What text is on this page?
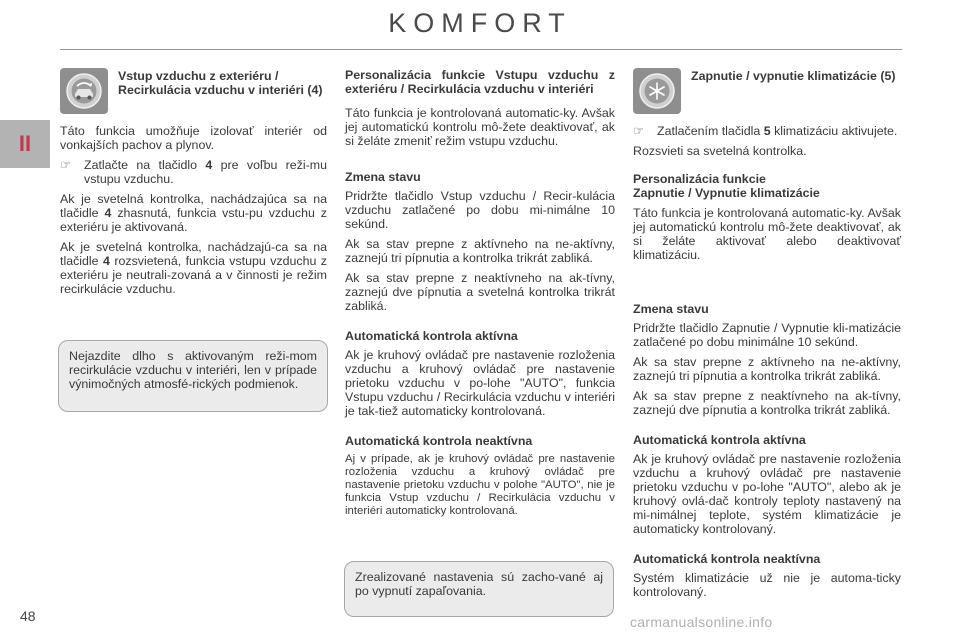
KOMFORT
II
Vstup vzduchu z exteriéru / Recirkulácia vzduchu v interiéri (4)

Táto funkcia umožňuje izolovať interiér od vonkajších pachov a plynov.

☞ Zatlačte na tlačidlo 4 pre voľbu reži-mu vstupu vzduchu.

Ak je svetelná kontrolka, nachádzajúca sa na tlačidle 4 zhasnutá, funkcia vstu-pu vzduchu z exteriéru je aktivovaná.

Ak je svetelná kontrolka, nachádzajú-ca sa na tlačidle 4 rozsvietená, funkcia vstupu vzduchu z exteriéru je neutrali-zovaná a v činnosti je režim recirkulácie vzduchu.

Nejazdite dlho s aktivovaným reži-mom recirkulácie vzduchu v interiéri, len v prípade výnimočných atmosfé-rických podmienok.

Personalizácia funkcie Vstupu vzduchu z exteriéru / Recirkulácia vzduchu v interiéri

Táto funkcia je kontrolovaná automatic-ky. Avšak jej automatickú kontrolu mô-žete deaktivovať, ak si želáte zmeniť režim vstupu vzduchu.

Zmena stavu

Pridržte tlačidlo Vstup vzduchu / Recir-kulácia vzduchu zatlačené po dobu mi-nimálne 10 sekúnd.

Ak sa stav prepne z aktívneho na ne-aktívny, zaznejú tri pípnutia a kontrolka trikrát zabliká.

Ak sa stav prepne z neaktívneho na ak-tívny, zaznejú dve pípnutia a svetelná kontrolka trikrát zabliká.

Automatická kontrola aktívna

Ak je kruhový ovládač pre nastavenie rozloženia vzduchu a kruhový ovládač pre nastavenie prietoku vzduchu v po-lohe "AUTO", funkcia Vstupu vzduchu / Recirkulácia vzduchu v interiéri je tak-tiež automaticky kontrolovaná.

Automatická kontrola neaktívna

Aj v prípade, ak je kruhový ovládač pre nastavenie rozloženia vzduchu a kruhový ovládač pre nastavenie prietoku vzduchu v polohe "AUTO", nie je funkcia Vstup vzduchu / Recirkulácia vzduchu v interiéri automaticky kontrolovaná.

Zrealizované nastavenia sú zacho-vané aj po vypnutí zapaľovania.
Zapnutie / vypnutie klimatizácie (5)
☞ Zatlačením tlačidla 5 klimatizáciu aktivujete.

Rozsvieti sa svetelná kontrolka.

Personalizácia funkcie

Zapnutie / Vypnutie klimatizácie

Táto funkcia je kontrolovaná automatic-ky. Avšak jej automatickú kontrolu mô-žete deaktivovať, ak si želáte aktivovať alebo deaktivovať klimatizáciu.

Zmena stavu

Pridržte tlačidlo Zapnutie / Vypnutie kli-matizácie zatlačené po dobu minimálne 10 sekúnd.

Ak sa stav prepne z aktívneho na ne-aktívny, zaznejú tri pípnutia a kontrolka trikrát zabliká.

Ak sa stav prepne z neaktívneho na ak-tívny, zaznejú dve pípnutia a kontrolka trikrát zabliká.

Automatická kontrola aktívna

Ak je kruhový ovládač pre nastavenie rozloženia vzduchu a kruhový ovládač pre nastavenie prietoku vzduchu v po-lohe "AUTO", alebo ak je kruhový ovlá-dač kontroly teploty nastavený na mi-nimálnej teplote, systém klimatizácie je automaticky kontrolovaný.

Automatická kontrola neaktívna

Systém klimatizácie už nie je automa-ticky kontrolovaný.

48	carmanualsonline.info
